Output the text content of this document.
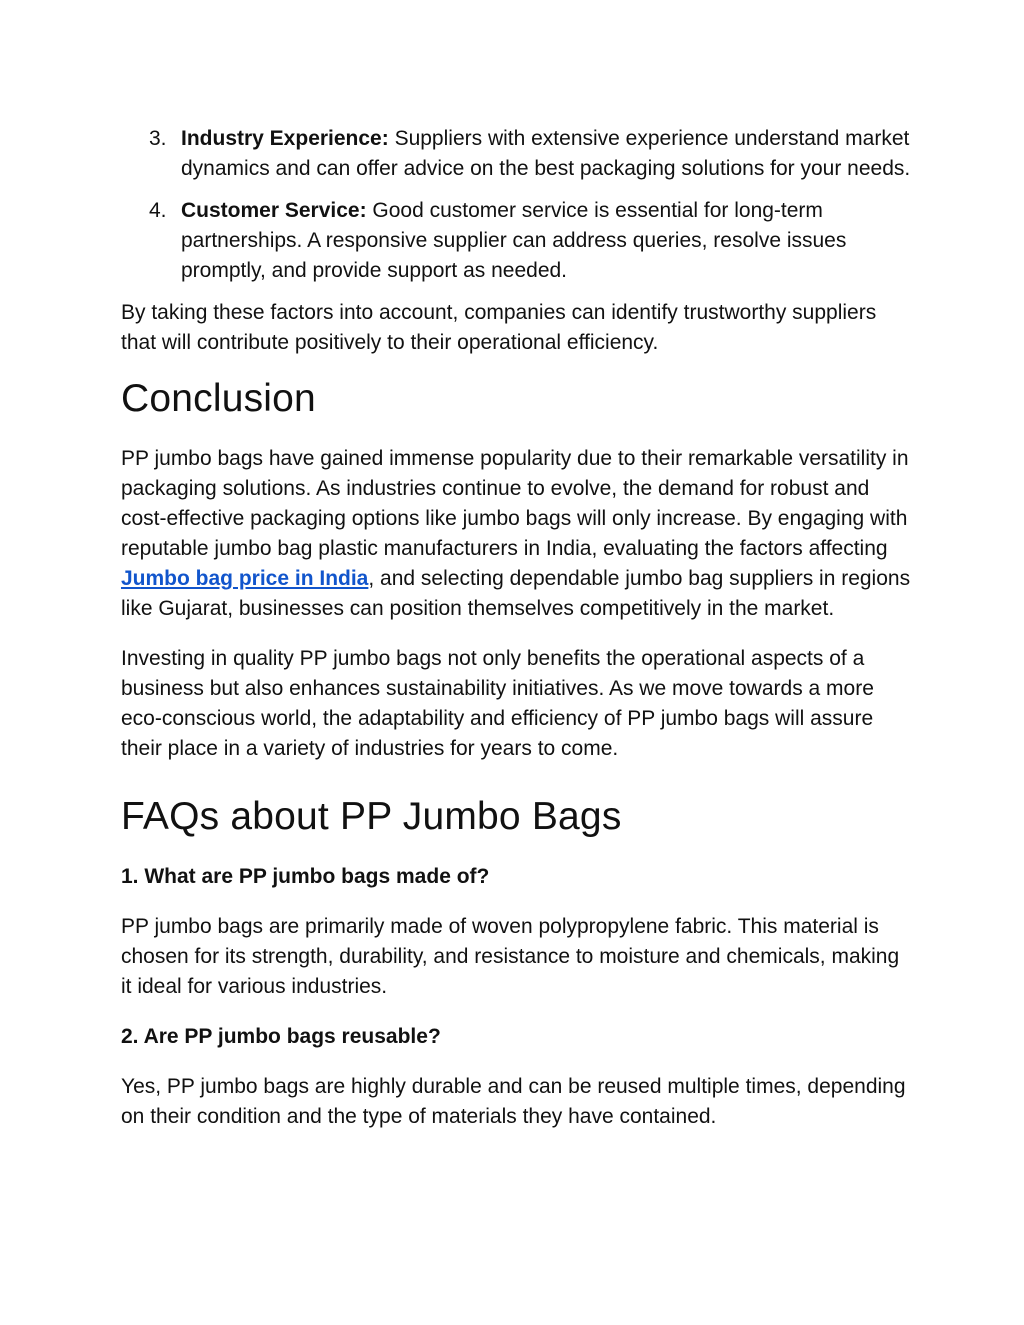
3. Industry Experience: Suppliers with extensive experience understand market dynamics and can offer advice on the best packaging solutions for your needs.
4. Customer Service: Good customer service is essential for long-term partnerships. A responsive supplier can address queries, resolve issues promptly, and provide support as needed.

By taking these factors into account, companies can identify trustworthy suppliers that will contribute positively to their operational efficiency.

Conclusion

PP jumbo bags have gained immense popularity due to their remarkable versatility in packaging solutions. As industries continue to evolve, the demand for robust and cost-effective packaging options like jumbo bags will only increase. By engaging with reputable jumbo bag plastic manufacturers in India, evaluating the factors affecting Jumbo bag price in India, and selecting dependable jumbo bag suppliers in regions like Gujarat, businesses can position themselves competitively in the market.

Investing in quality PP jumbo bags not only benefits the operational aspects of a business but also enhances sustainability initiatives. As we move towards a more eco-conscious world, the adaptability and efficiency of PP jumbo bags will assure their place in a variety of industries for years to come.

FAQs about PP Jumbo Bags
1. What are PP jumbo bags made of?

PP jumbo bags are primarily made of woven polypropylene fabric. This material is chosen for its strength, durability, and resistance to moisture and chemicals, making it ideal for various industries.

2. Are PP jumbo bags reusable?

Yes, PP jumbo bags are highly durable and can be reused multiple times, depending on their condition and the type of materials they have contained.
